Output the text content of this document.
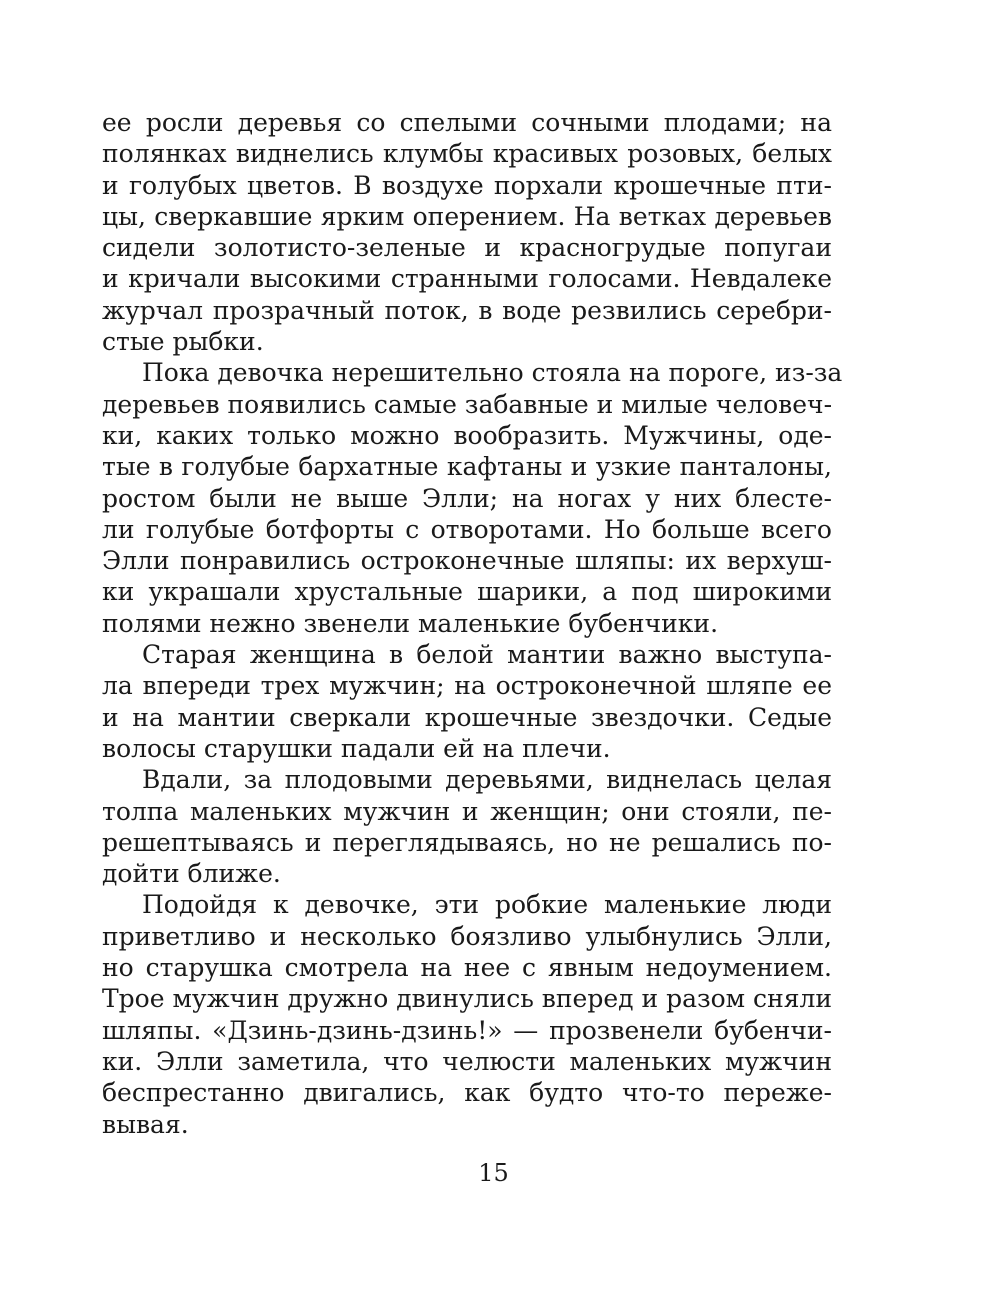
ее росли деревья со спелыми сочными плодами; на
полянках виднелись клумбы красивых розовых, белых
и голубых цветов. В воздухе порхали крошечные пти-
цы, сверкавшие ярким оперением. На ветках деревьев
сидели золотисто-зеленые и красногрудые попугаи
и кричали высокими странными голосами. Невдалеке
журчал прозрачный поток, в воде резвились серебри-
стые рыбки.
Пока девочка нерешительно стояла на пороге, из-за
деревьев появились самые забавные и милые человеч-
ки, каких только можно вообразить. Мужчины, оде-
тые в голубые бархатные кафтаны и узкие панталоны,
ростом были не выше Элли; на ногах у них блесте-
ли голубые ботфорты с отворотами. Но больше всего
Элли понравились остроконечные шляпы: их верхуш-
ки украшали хрустальные шарики, а под широкими
полями нежно звенели маленькие бубенчики.
Старая женщина в белой мантии важно выступа-
ла впереди трех мужчин; на остроконечной шляпе ее
и на мантии сверкали крошечные звездочки. Седые
волосы старушки падали ей на плечи.
Вдали, за плодовыми деревьями, виднелась целая
толпа маленьких мужчин и женщин; они стояли, пе-
решептываясь и переглядываясь, но не решались по-
дойти ближе.
Подойдя к девочке, эти робкие маленькие люди
приветливо и несколько боязливо улыбнулись Элли,
но старушка смотрела на нее с явным недоумением.
Трое мужчин дружно двинулись вперед и разом сняли
шляпы. «Дзинь-дзинь-дзинь!» — прозвенели бубенчи-
ки. Элли заметила, что челюсти маленьких мужчин
беспрестанно двигались, как будто что-то пережe-
вывая.
15
